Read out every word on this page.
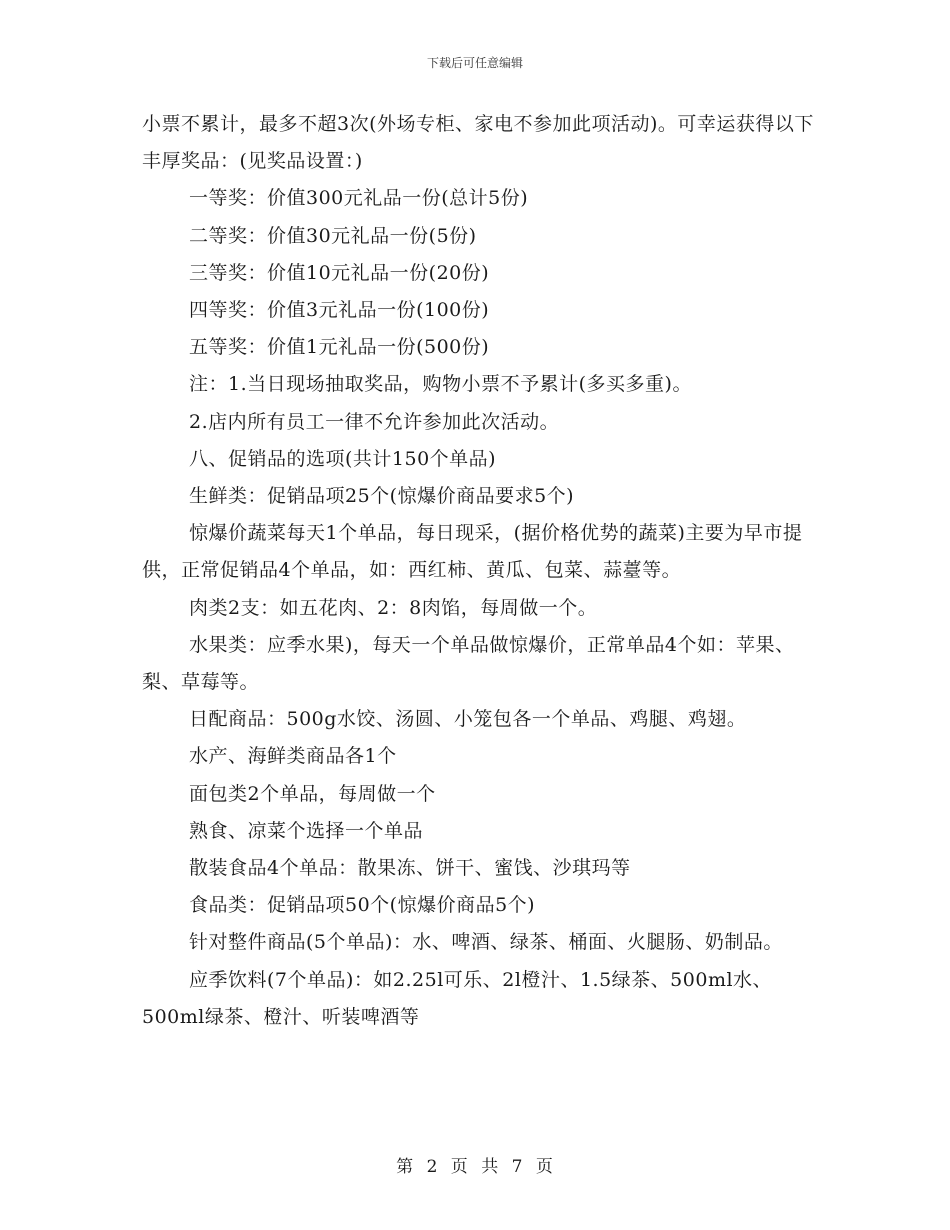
下载后可任意编辑

小票不累计，最多不超3次(外场专柜、家电不参加此项活动)。可幸运获得以下丰厚奖品：(见奖品设置：)

一等奖：价值300元礼品一份(总计5份)

二等奖：价值30元礼品一份(5份)

三等奖：价值10元礼品一份(20份)

四等奖：价值3元礼品一份(100份)

五等奖：价值1元礼品一份(500份)

注：1.当日现场抽取奖品，购物小票不予累计(多买多重)。

2.店内所有员工一律不允许参加此次活动。

八、促销品的选项(共计150个单品)

生鲜类：促销品项25个(惊爆价商品要求5个)

惊爆价蔬菜每天1个单品，每日现采，(据价格优势的蔬菜)主要为早市提供，正常促销品4个单品，如：西红柿、黄瓜、包菜、蒜薹等。

肉类2支：如五花肉、2：8肉馅，每周做一个。

水果类：应季水果)，每天一个单品做惊爆价，正常单品4个如：苹果、梨、草莓等。

日配商品：500g水饺、汤圆、小笼包各一个单品、鸡腿、鸡翅。

水产、海鲜类商品各1个

面包类2个单品，每周做一个

熟食、凉菜个选择一个单品

散装食品4个单品：散果冻、饼干、蜜饯、沙琪玛等

食品类：促销品项50个(惊爆价商品5个)

针对整件商品(5个单品)：水、啤酒、绿茶、桶面、火腿肠、奶制品。

应季饮料(7个单品)：如2.25l可乐、2l橙汁、1.5绿茶、500ml水、500ml绿茶、橙汁、听装啤酒等

第 2 页 共 7 页
